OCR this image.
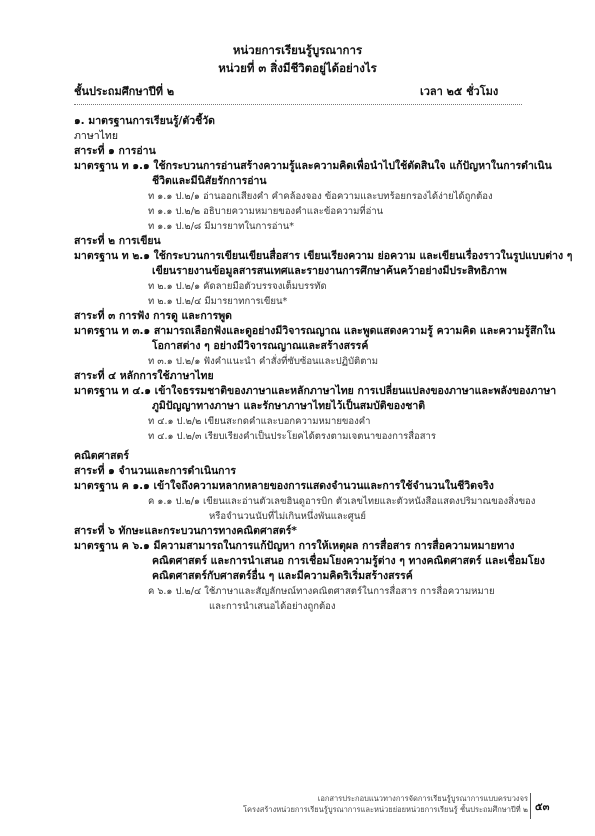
หน่วยการเรียนรู้บูรณาการ
หน่วยที่ ๓ สิ่งมีชีวิตอยู่ได้อย่างไร
ชั้นประถมศึกษาปีที่ ๒	เวลา ๒๕ ชั่วโมง
๑. มาตรฐานการเรียนรู้/ตัวชี้วัด
ภาษาไทย
สาระที่ ๑ การอ่าน
มาตรฐาน ท ๑.๑ ใช้กระบวนการอ่านสร้างความรู้และความคิดเพื่อนำไปใช้ตัดสินใจ แก้ปัญหาในการดำเนิน
ชีวิตและมีนิสัยรักการอ่าน
ท ๑.๑ ป.๒/๑ อ่านออกเสียงคำ คำคล้องจอง ข้อความและบทร้อยกรองได้ง่ายได้ถูกต้อง
ท ๑.๑ ป.๒/๒ อธิบายความหมายของคำและข้อความที่อ่าน
ท ๑.๑ ป.๒/๘ มีมารยาทในการอ่าน*
สาระที่ ๒ การเขียน
มาตรฐาน ท ๒.๑ ใช้กระบวนการเขียนเขียนสื่อสาร เขียนเรียงความ ย่อความ และเขียนเรื่องราวในรูปแบบต่าง ๆ
เขียนรายงานข้อมูลสารสนเทศและรายงานการศึกษาค้นคว้าอย่างมีประสิทธิภาพ
ท ๒.๑ ป.๒/๑ คัดลายมือตัวบรรจงเต็มบรรทัด
ท ๒.๑ ป.๒/๔ มีมารยาทการเขียน*
สาระที่ ๓ การฟัง การดู และการพูด
มาตรฐาน ท ๓.๑ สามารถเลือกฟังและดูอย่างมีวิจารณญาณ และพูดแสดงความรู้ ความคิด และความรู้สึกใน
โอกาสต่าง ๆ อย่างมีวิจารณญาณและสร้างสรรค์
ท ๓.๑ ป.๒/๑ ฟังคำแนะนำ คำสั่งที่ซับซ้อนและปฏิบัติตาม
สาระที่ ๔ หลักการใช้ภาษาไทย
มาตรฐาน ท ๔.๑ เข้าใจธรรมชาติของภาษาและหลักภาษาไทย การเปลี่ยนแปลงของภาษาและพลังของภาษา
ภูมิปัญญาทางภาษา และรักษาภาษาไทยไว้เป็นสมบัติของชาติ
ท ๔.๑ ป.๒/๒ เขียนสะกดคำและบอกความหมายของคำ
ท ๔.๑ ป.๒/๓ เรียบเรียงคำเป็นประโยคได้ตรงตามเจตนาของการสื่อสาร
คณิตศาสตร์
สาระที่ ๑ จำนวนและการดำเนินการ
มาตรฐาน ค ๑.๑ เข้าใจถึงความหลากหลายของการแสดงจำนวนและการใช้จำนวนในชีวิตจริง
ค ๑.๑ ป.๒/๑ เขียนและอ่านตัวเลขฮินดูอารบิก ตัวเลขไทยและตัวหนังสือแสดงปริมาณของสิ่งของ
หรือจำนวนนับที่ไม่เกินหนึ่งพันและศูนย์
สาระที่ ๖ ทักษะและกระบวนการทางคณิตศาสตร์*
มาตรฐาน ค ๖.๑ มีความสามารถในการแก้ปัญหา การให้เหตุผล การสื่อสาร การสื่อความหมายทาง
คณิตศาสตร์ และการนำเสนอ การเชื่อมโยงความรู้ต่าง ๆ ทางคณิตศาสตร์ และเชื่อมโยง
คณิตศาสตร์กับศาสตร์อื่น ๆ และมีความคิดริเริ่มสร้างสรรค์
ค ๖.๑ ป.๒/๔ ใช้ภาษาและสัญลักษณ์ทางคณิตศาสตร์ในการสื่อสาร การสื่อความหมาย
และการนำเสนอได้อย่างถูกต้อง
เอกสารประกอบแนวทางการจัดการเรียนรู้บูรณาการแบบครบวงจร
โครงสร้างหน่วยการเรียนรู้บูรณาการและหน่วยย่อยหน่วยการเรียนรู้ ชั้นประถมศึกษาปีที่ ๒ ๕๓
